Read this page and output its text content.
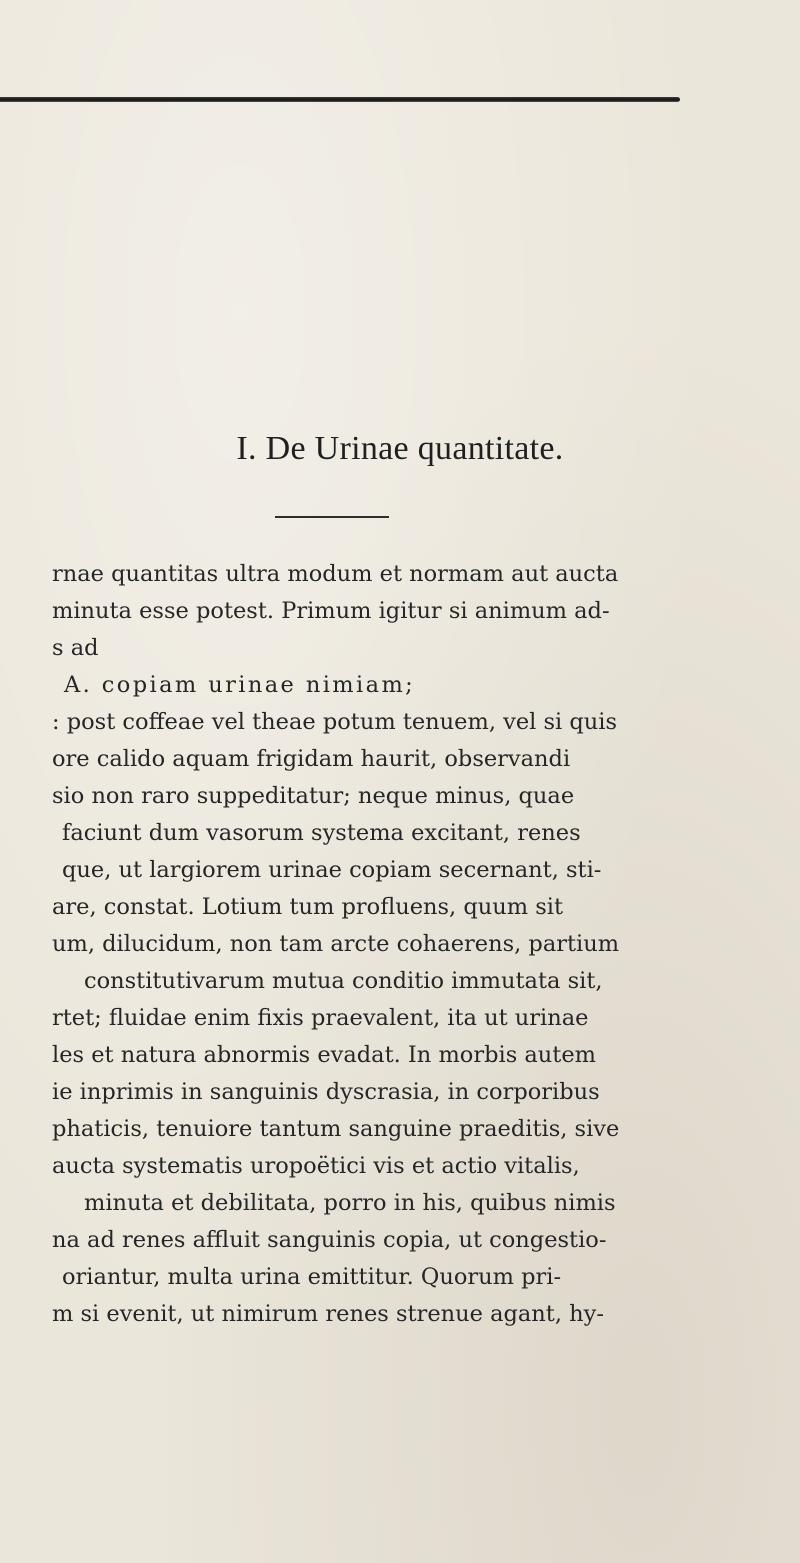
I. De Urinae quantitate.
rnae quantitas ultra modum et normam aut aucta
minuta esse potest. Primum igitur si animum ad-
s ad
A. copiam urinae nimiam;
: post coffeae vel theae potum tenuem, vel si quis
ore calido aquam frigidam haurit, observandi
sio non raro suppeditatur; neque minus, quae
faciunt dum vasorum systema excitant, renes
que, ut largiorem urinae copiam secernant, sti-
are, constat. Lotium tum profluens, quum sit
um, dilucidum, non tam arcte cohaerens, partium
constitutivarum mutua conditio immutata sit,
rtet; fluidae enim fixis praevalent, ita ut urinae
les et natura abnormis evadat. In morbis autem
ie inprimis in sanguinis dyscrasia, in corporibus
phaticis, tenuiore tantum sanguine praeditis, sive
aucta systematis uropoëtici vis et actio vitalis,
minuta et debilitata, porro in his, quibus nimis
na ad renes affluit sanguinis copia, ut congestio-
oriantur, multa urina emittitur. Quorum pri-
m si evenit, ut nimirum renes strenue agant, hy-
